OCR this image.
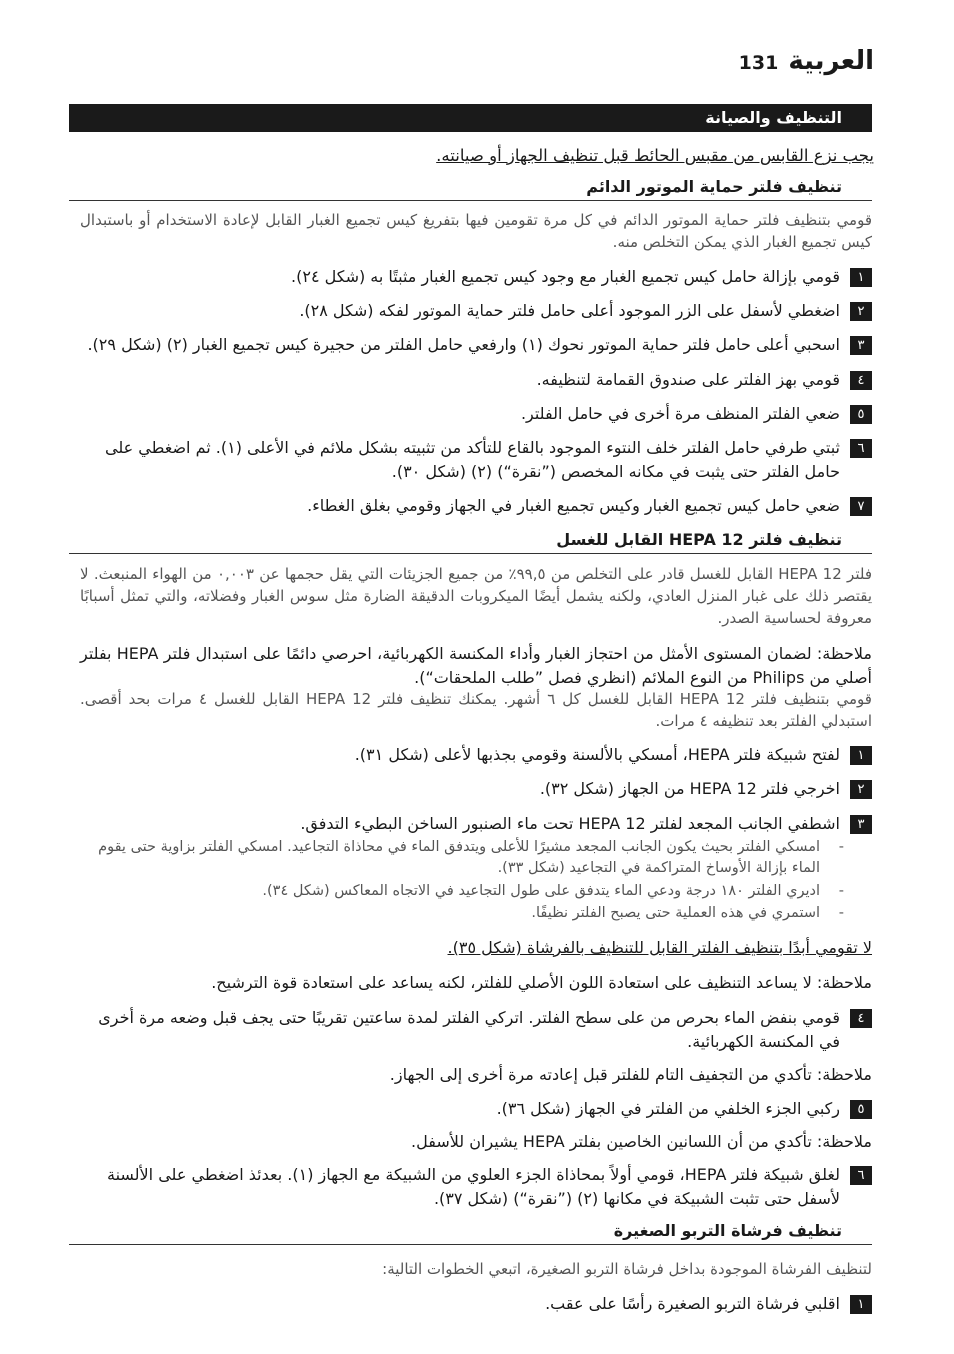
131 العربية
التنظيف والصيانة
يجب نزع القابس من مقبس الحائط قبل تنظيف الجهاز أو صيانته.
تنظيف فلتر حماية الموتور الدائم
قومي بتنظيف فلتر حماية الموتور الدائم في كل مرة تقومين فيها بتفريغ كيس تجميع الغبار القابل لإعادة الاستخدام أو باستبدال كيس تجميع الغبار الذي يمكن التخلص منه.
١
قومي بإزالة حامل كيس تجميع الغبار مع وجود كيس تجميع الغبار مثبتًا به (شكل ٢٤).
٢
اضغطي لأسفل على الزر الموجود أعلى حامل فلتر حماية الموتور لفكه (شكل ٢٨).
٣
اسحبي أعلى حامل فلتر حماية الموتور نحوك (١) وارفعي حامل الفلتر من حجيرة كيس تجميع الغبار (٢) (شكل ٢٩).
٤
قومي بهز الفلتر على صندوق القمامة لتنظيفه.
٥
ضعي الفلتر المنظف مرة أخرى في حامل الفلتر.
٦
ثبتي طرفي حامل الفلتر خلف النتوء الموجود بالقاع للتأكد من تثبيته بشكل ملائم في الأعلى (١). ثم اضغطي على حامل الفلتر حتى يثبت في مكانه المخصص (”نقرة“) (٢) (شكل ٣٠).
٧
ضعي حامل كيس تجميع الغبار وكيس تجميع الغبار في الجهاز وقومي بغلق الغطاء.
تنظيف فلتر HEPA 12 القابل للغسل
فلتر HEPA 12 القابل للغسل قادر على التخلص من ٩٩,٥٪ من جميع الجزيئات التي يقل حجمها عن ٠,٠٠٣ من الهواء المنبعث. لا يقتصر ذلك على غبار المنزل العادي، ولكنه يشمل أيضًا الميكروبات الدقيقة الضارة مثل سوس الغبار وفضلاته، والتي تمثل أسبابًا معروفة لحساسية الصدر.
ملاحظة: لضمان المستوى الأمثل من احتجاز الغبار وأداء المكنسة الكهربائية، احرصي دائمًا على استبدال فلتر HEPA بفلتر أصلي من Philips من النوع الملائم (انظري فصل ”طلب الملحقات“).
قومي بتنظيف فلتر HEPA 12 القابل للغسل كل ٦ أشهر. يمكنك تنظيف فلتر HEPA 12 القابل للغسل ٤ مرات بحد أقصى. استبدلي الفلتر بعد تنظيفه ٤ مرات.
١
لفتح شبيكة فلتر HEPA، أمسكي بالألسنة وقومي بجذبها لأعلى (شكل ٣١).
٢
اخرجي فلتر HEPA 12 من الجهاز (شكل ٣٢).
٣
اشطفي الجانب المجعد لفلتر HEPA 12 تحت ماء الصنبور الساخن البطيء التدفق.
- امسكي الفلتر بحيث يكون الجانب المجعد مشيرًا للأعلى ويتدفق الماء في محاذاة التجاعيد. امسكي الفلتر بزاوية حتى يقوم الماء بإزالة الأوساخ المتراكمة في التجاعيد (شكل ٣٣).
- اديري الفلتر ١٨٠ درجة ودعي الماء يتدفق على طول التجاعيد في الاتجاه المعاكس (شكل ٣٤).
- استمري في هذه العملية حتى يصبح الفلتر نظيفًا.
لا تقومي أبدًا بتنظيف الفلتر القابل للتنظيف بالفرشاة (شكل ٣٥).
ملاحظة: لا يساعد التنظيف على استعادة اللون الأصلي للفلتر، لكنه يساعد على استعادة قوة الترشيح.
٤
قومي بنفض الماء بحرص من على سطح الفلتر. اتركي الفلتر لمدة ساعتين تقريبًا حتى يجف قبل وضعه مرة أخرى في المكنسة الكهربائية.
ملاحظة: تأكدي من التجفيف التام للفلتر قبل إعادته مرة أخرى إلى الجهاز.
٥
ركبي الجزء الخلفي من الفلتر في الجهاز (شكل ٣٦).
ملاحظة: تأكدي من أن اللسانين الخاصين بفلتر HEPA يشيران للأسفل.
٦
لغلق شبيكة فلتر HEPA، قومي أولاً بمحاذاة الجزء العلوي من الشبيكة مع الجهاز (١). بعدئذ اضغطي على الألسنة لأسفل حتى تثبت الشبيكة في مكانها (٢) (”نقرة“) (شكل ٣٧).
تنظيف فرشاة التربو الصغيرة
لتنظيف الفرشاة الموجودة بداخل فرشاة التربو الصغيرة، اتبعي الخطوات التالية:
١
اقلبي فرشاة التربو الصغيرة رأسًا على عقب.
